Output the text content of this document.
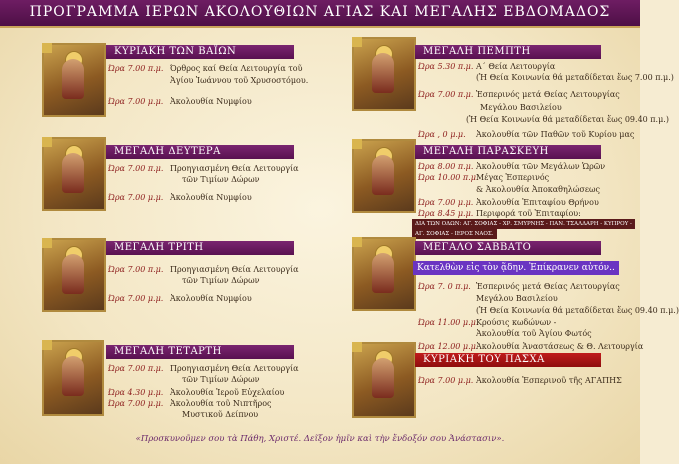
ΠΡΟΓΡΑΜΜΑ ΙΕΡΩΝ ΑΚΟΛΟΥΘΙΩΝ ΑΓΙΑΣ ΚΑΙ ΜΕΓΑΛΗΣ ΕΒΔΟΜΑΔΟΣ
ΚΥΡΙΑΚΗ ΤΩΝ ΒΑΪΩΝ
Ώρα 7.00 π.μ. Όρθρος καί Θεία Λειτουργία τοῦ
Ἁγίου Ἰωάννου τοῦ Χρυσοστόμου.
Ώρα 7.00 μ.μ. Ἀκολουθία Νυμφίου
ΜΕΓΑΛΗ ΔΕΥΤΕΡΑ
Ώρα 7.00 π.μ. Προηγιασμένη Θεία Λειτουργία
τῶν Τιμίων Δώρων
Ώρα 7.00 μ.μ. Ἀκολουθία Νυμφίου
ΜΕΓΑΛΗ ΤΡΙΤΗ
Ώρα 7.00 π.μ. Προηγιασμένη Θεία Λειτουργία
τῶν Τιμίων Δώρων
Ώρα 7.00 μ.μ. Ἀκολουθία Νυμφίου
ΜΕΓΑΛΗ ΤΕΤΑΡΤΗ
Ώρα 7.00 π.μ. Προηγιασμένη Θεία Λειτουργία
τῶν Τιμίων Δώρων
Ώρα 4.30 μ.μ. Ἀκολουθία Ἱεροῦ Εὐχελαίου
Ώρα 7.00 μ.μ. Ἀκολουθία τοῦ Νιπτῆρος
Μυστικοῦ Δείπνου
ΜΕΓΑΛΗ ΠΕΜΠΤΗ
Ώρα 5.30 π.μ. Α΄ Θεία Λειτουργία
(Ἡ Θεία Κοινωνία θά μεταδίδεται ἕως 7.00 π.μ.)
Ώρα 7.00 π.μ. Ἑσπερινός μετά Θείας Λειτουργίας
Μεγάλου Βασιλείου
(Ἡ Θεία Κοινωνία θά μεταδίδεται ἕως 09.40 π.μ.)
Ώρα , 0 μ.μ. Ἀκολουθία τῶν Παθῶν τοῦ Κυρίου μας
ΜΕΓΑΛΗ ΠΑΡΑΣΚΕΥΗ
Ώρα 8.00 π.μ. Ἀκολουθία τῶν Μεγάλων Ὡρῶν
Ώρα 10.00 π.μ.
Μέγας Ἑσπερινός
& Ἀκολουθία Ἀποκαθηλώσεως
Ώρα 7.00 μ.μ. Ἀκολουθία Ἐπιταφίου Θρήνου
Ώρα 8.45 μ.μ. Περιφορά τοῦ Ἐπιταφίου:
ΔΙΑ ΤΩΝ ΟΔΩΝ: ΑΓ. ΣΟΦΙΑΣ - ΧΡ. ΣΜΥΡΝΗΣ - ΠΑΝ. ΤΣΑΛΔΑΡΗ - ΚΥΠΡΟΥ -
ΑΓ. ΣΟΦΙΑΣ - ΙΕΡΟΣ ΝΑΟΣ.
ΜΕΓΑΛΟ ΣΑΒΒΑΤΟ
Κατελθὼν εἰς τὸν ᾅδην. Ἐπίκρανεν αὐτόν..
Ώρα 7. 0 π.μ. Ἑσπερινός μετά Θείας Λειτουργίας
Μεγάλου Βασιλείου
(Ἡ Θεία Κοινωνία θά μεταδίδεται ἕως 09.40 π.μ.)
Ώρα 11.00 μ.μ.
Κρούσις κωδώνων -
Ἀκολουθία τοῦ Ἁγίου Φωτός
Ώρα 12.00 μ.μ.
Ἀκολουθία Ἀναστάσεως & Θ. Λειτουργία
ΚΥΡΙΑΚΗ ΤΟΥ ΠΑΣΧΑ
Ώρα 7.00 μ.μ. Ἀκολουθία Ἑσπερινοῦ τῆς ΑΓΑΠΗΣ
«Προσκυνοῦμεν σου τὰ Πάθη, Χριστέ. Δεῖξον ἡμῖν καὶ τὴν ἔνδοξόν σου Ἀνάστασιν».
